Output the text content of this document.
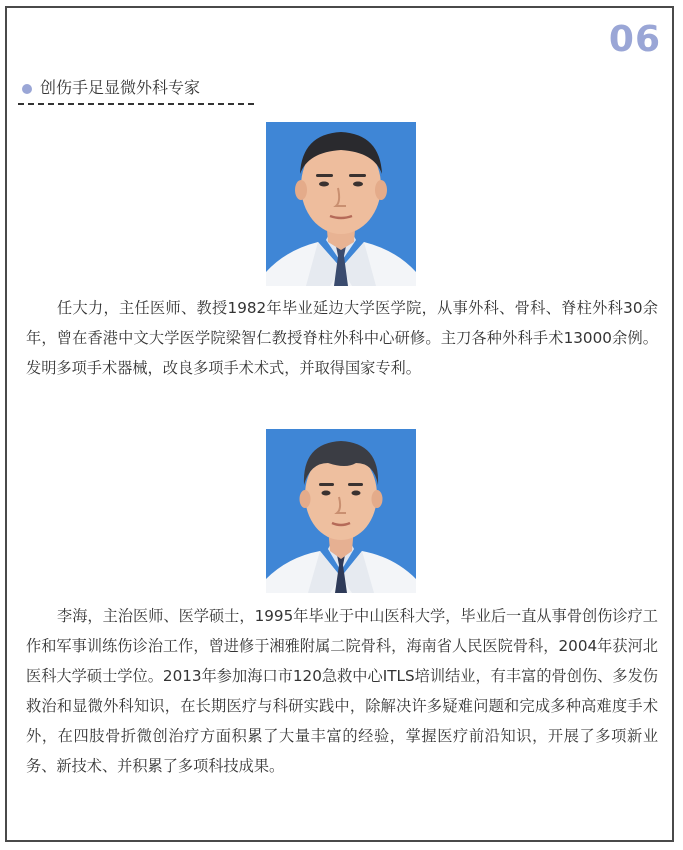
06
创伤手足显微外科专家

任大力，主任医师、教授1982年毕业延边大学医学院，从事外科、骨科、脊柱外科30余年，曾在香港中文大学医学院梁智仁教授脊柱外科中心研修。主刀各种外科手术13000余例。发明多项手术器械，改良多项手术术式，并取得国家专利。

李海，主治医师、医学硕士，1995年毕业于中山医科大学，毕业后一直从事骨创伤诊疗工作和军事训练伤诊治工作，曾进修于湘雅附属二院骨科，海南省人民医院骨科，2004年获河北医科大学硕士学位。2013年参加海口市120急救中心ITLS培训结业，有丰富的骨创伤、多发伤救治和显微外科知识，在长期医疗与科研实践中，除解决许多疑难问题和完成多种高难度手术外，在四肢骨折微创治疗方面积累了大量丰富的经验，掌握医疗前沿知识，开展了多项新业务、新技术、并积累了多项科技成果。
